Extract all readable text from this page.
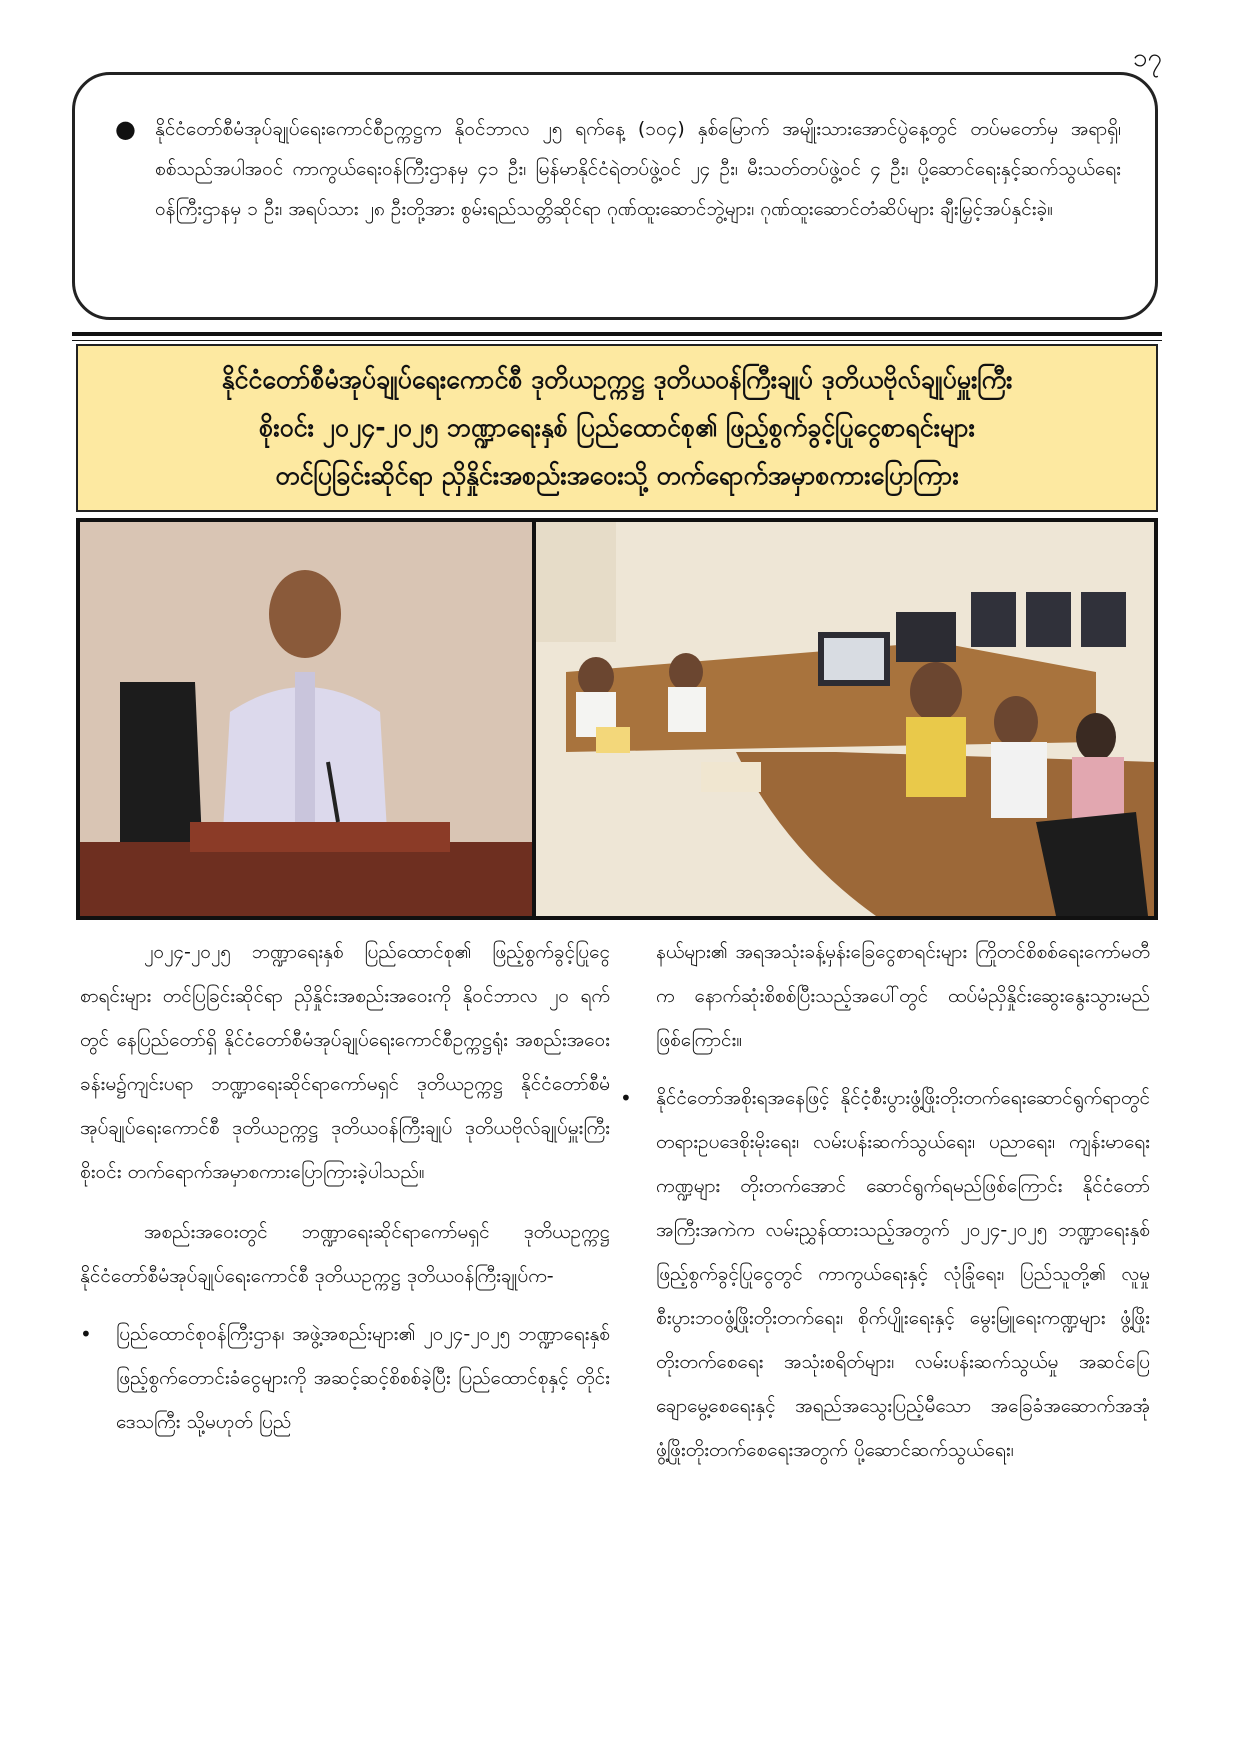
၁၇
●	နိုင်ငံတော်စီမံအုပ်ချုပ်ရေးကောင်စီဥက္ကဋ္ဌက နိုဝင်ဘာလ ၂၅ ရက်နေ့ (၁၀၄) နှစ်မြောက် အမျိုးသားအောင်ပွဲနေ့တွင် တပ်မတော်မှ အရာရှိ၊ စစ်သည်အပါအဝင် ကာကွယ်ရေးဝန်ကြီးဌာနမှ ၄၁ ဦး၊ မြန်မာနိုင်ငံရဲတပ်ဖွဲ့ဝင် ၂၄ ဦး၊ မီးသတ်တပ်ဖွဲ့ဝင် ၄ ဦး၊ ပို့ဆောင်ရေးနှင့်ဆက်သွယ်ရေးဝန်ကြီးဌာနမှ ၁ ဦး၊ အရပ်သား ၂၈ ဦးတို့အား စွမ်းရည်သတ္တိဆိုင်ရာ ဂုဏ်ထူးဆောင်ဘွဲ့များ၊ ဂုဏ်ထူးဆောင်တံဆိပ်များ ချီးမြှင့်အပ်နှင်းခဲ့။
နိုင်ငံတော်စီမံအုပ်ချုပ်ရေးကောင်စီ ဒုတိယဥက္ကဋ္ဌ ဒုတိယဝန်ကြီးချုပ် ဒုတိယဗိုလ်ချုပ်မှူးကြီး
စိုးဝင်း ၂၀၂၄-၂၀၂၅ ဘဏ္ဍာရေးနှစ် ပြည်ထောင်စု၏ ဖြည့်စွက်ခွင့်ပြုငွေစာရင်းများ
တင်ပြခြင်းဆိုင်ရာ ညှိနှိုင်းအစည်းအဝေးသို့ တက်ရောက်အမှာစကားပြောကြား

၂၀၂၄-၂၀၂၅ ဘဏ္ဍာရေးနှစ် ပြည်ထောင်စု၏ ဖြည့်စွက်ခွင့်ပြုငွေ စာရင်းများ တင်ပြခြင်းဆိုင်ရာ ညှိနှိုင်းအစည်းအဝေးကို နိုဝင်ဘာလ ၂၀ ရက်တွင် နေပြည်တော်ရှိ နိုင်ငံတော်စီမံအုပ်ချုပ်ရေးကောင်စီဥက္ကဋ္ဌရုံး အစည်းအဝေးခန်းမ၌ကျင်းပရာ ဘဏ္ဍာရေးဆိုင်ရာကော်မရှင် ဒုတိယဥက္ကဋ္ဌ နိုင်ငံတော်စီမံအုပ်ချုပ်ရေးကောင်စီ ဒုတိယဥက္ကဋ္ဌ ဒုတိယဝန်ကြီးချုပ် ဒုတိယဗိုလ်ချုပ်မှူးကြီး စိုးဝင်း တက်ရောက်အမှာစကားပြောကြားခဲ့ပါသည်။

အစည်းအဝေးတွင် ဘဏ္ဍာရေးဆိုင်ရာကော်မရှင် ဒုတိယဥက္ကဋ္ဌ နိုင်ငံတော်စီမံအုပ်ချုပ်ရေးကောင်စီ ဒုတိယဥက္ကဋ္ဌ ဒုတိယဝန်ကြီးချုပ်က-

•	ပြည်ထောင်စုဝန်ကြီးဌာန၊ အဖွဲ့အစည်းများ၏ ၂၀၂၄-၂၀၂၅ ဘဏ္ဍာရေးနှစ် ဖြည့်စွက်တောင်းခံငွေများကို အဆင့်ဆင့်စိစစ်ခဲ့ပြီး ပြည်ထောင်စုနှင့် တိုင်းဒေသကြီး သို့မဟုတ် ပြည်

နယ်များ၏ အရအသုံးခန့်မှန်းခြေငွေစာရင်းများ ကြိုတင်စိစစ်ရေးကော်မတီက နောက်ဆုံးစိစစ်ပြီးသည့်အပေါ်တွင် ထပ်မံညှိနှိုင်းဆွေးနွေးသွားမည်ဖြစ်ကြောင်း။

•	နိုင်ငံတော်အစိုးရအနေဖြင့် နိုင်ငံ့စီးပွားဖွံ့ဖြိုးတိုးတက်ရေးဆောင်ရွက်ရာတွင်တရားဥပဒေစိုးမိုးရေး၊ လမ်းပန်းဆက်သွယ်ရေး၊ ပညာရေး၊ ကျန်းမာရေးကဏ္ဍများ တိုးတက်အောင် ဆောင်ရွက်ရမည်ဖြစ်ကြောင်း နိုင်ငံတော်အကြီးအကဲက လမ်းညွှန်ထားသည့်အတွက် ၂၀၂၄-၂၀၂၅ ဘဏ္ဍာရေးနှစ် ဖြည့်စွက်ခွင့်ပြုငွေတွင် ကာကွယ်ရေးနှင့် လုံခြုံရေး၊ ပြည်သူတို့၏ လူမှုစီးပွားဘဝဖွံ့ဖြိုးတိုးတက်ရေး၊ စိုက်ပျိုးရေးနှင့် မွေးမြူရေးကဏ္ဍများ ဖွံ့ဖြိုးတိုးတက်စေရေး အသုံးစရိတ်များ၊ လမ်းပန်းဆက်သွယ်မှု အဆင်ပြေချောမွေ့စေရေးနှင့် အရည်အသွေးပြည့်မီသော အခြေခံအဆောက်အအုံဖွံ့ဖြိုးတိုးတက်စေရေးအတွက် ပို့ဆောင်ဆက်သွယ်ရေး၊
